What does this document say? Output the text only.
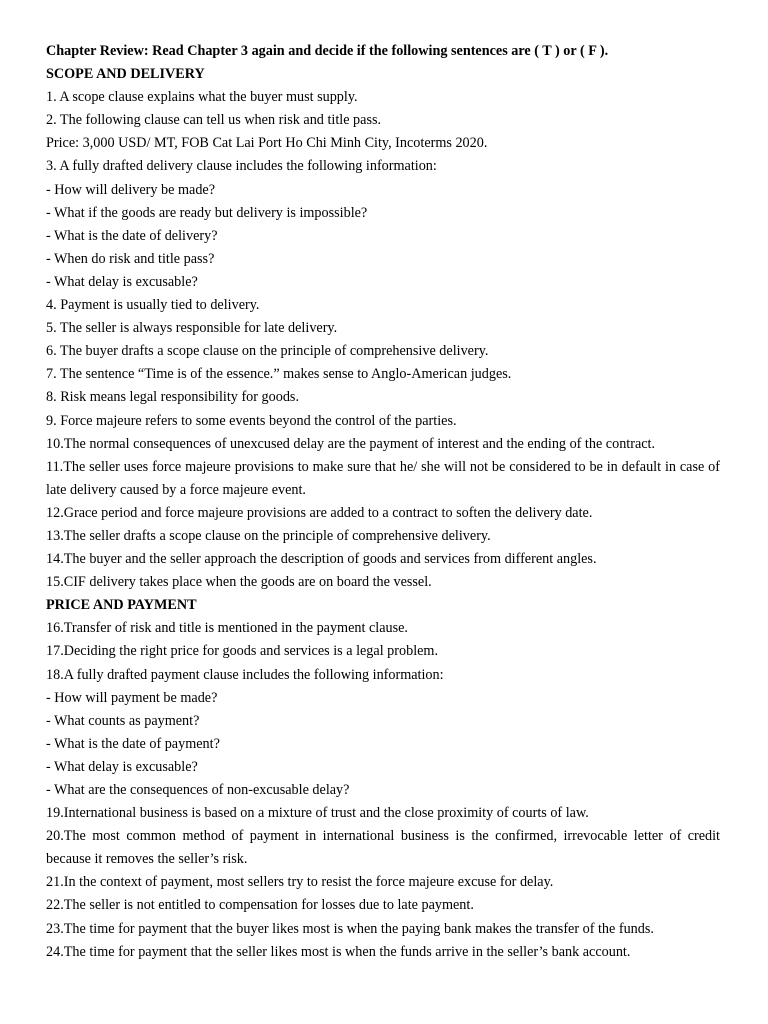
Chapter Review: Read Chapter 3 again and decide if the following sentences are ( T ) or ( F ).
SCOPE AND DELIVERY
1. A scope clause explains what the buyer must supply.
2. The following clause can tell us when risk and title pass.
Price: 3,000 USD/ MT, FOB Cat Lai Port Ho Chi Minh City, Incoterms 2020.
3. A fully drafted delivery clause includes the following information:
- How will delivery be made?
- What if the goods are ready but delivery is impossible?
- What is the date of delivery?
- When do risk and title pass?
- What delay is excusable?
4. Payment is usually tied to delivery.
5. The seller is always responsible for late delivery.
6. The buyer drafts a scope clause on the principle of comprehensive delivery.
7. The sentence “Time is of the essence.” makes sense to Anglo-American judges.
8. Risk means legal responsibility for goods.
9. Force majeure refers to some events beyond the control of the parties.
10.The normal consequences of unexcused delay are the payment of interest and the ending of the contract.
11.The seller uses force majeure provisions to make sure that he/ she will not be considered to be in default in case of late delivery caused by a force majeure event.
12.Grace period and force majeure provisions are added to a contract to soften the delivery date.
13.The seller drafts a scope clause on the principle of comprehensive delivery.
14.The buyer and the seller approach the description of goods and services from different angles.
15.CIF delivery takes place when the goods are on board the vessel.
PRICE AND PAYMENT
16.Transfer of risk and title is mentioned in the payment clause.
17.Deciding the right price for goods and services is a legal problem.
18.A fully drafted payment clause includes the following information:
- How will payment be made?
- What counts as payment?
- What is the date of payment?
- What delay is excusable?
- What are the consequences of non-excusable delay?
19.International business is based on a mixture of trust and the close proximity of courts of law.
20.The most common method of payment in international business is the confirmed, irrevocable letter of credit because it removes the seller’s risk.
21.In the context of payment, most sellers try to resist the force majeure excuse for delay.
22.The seller is not entitled to compensation for losses due to late payment.
23.The time for payment that the buyer likes most is when the paying bank makes the transfer of the funds.
24.The time for payment that the seller likes most is when the funds arrive in the seller’s bank account.
